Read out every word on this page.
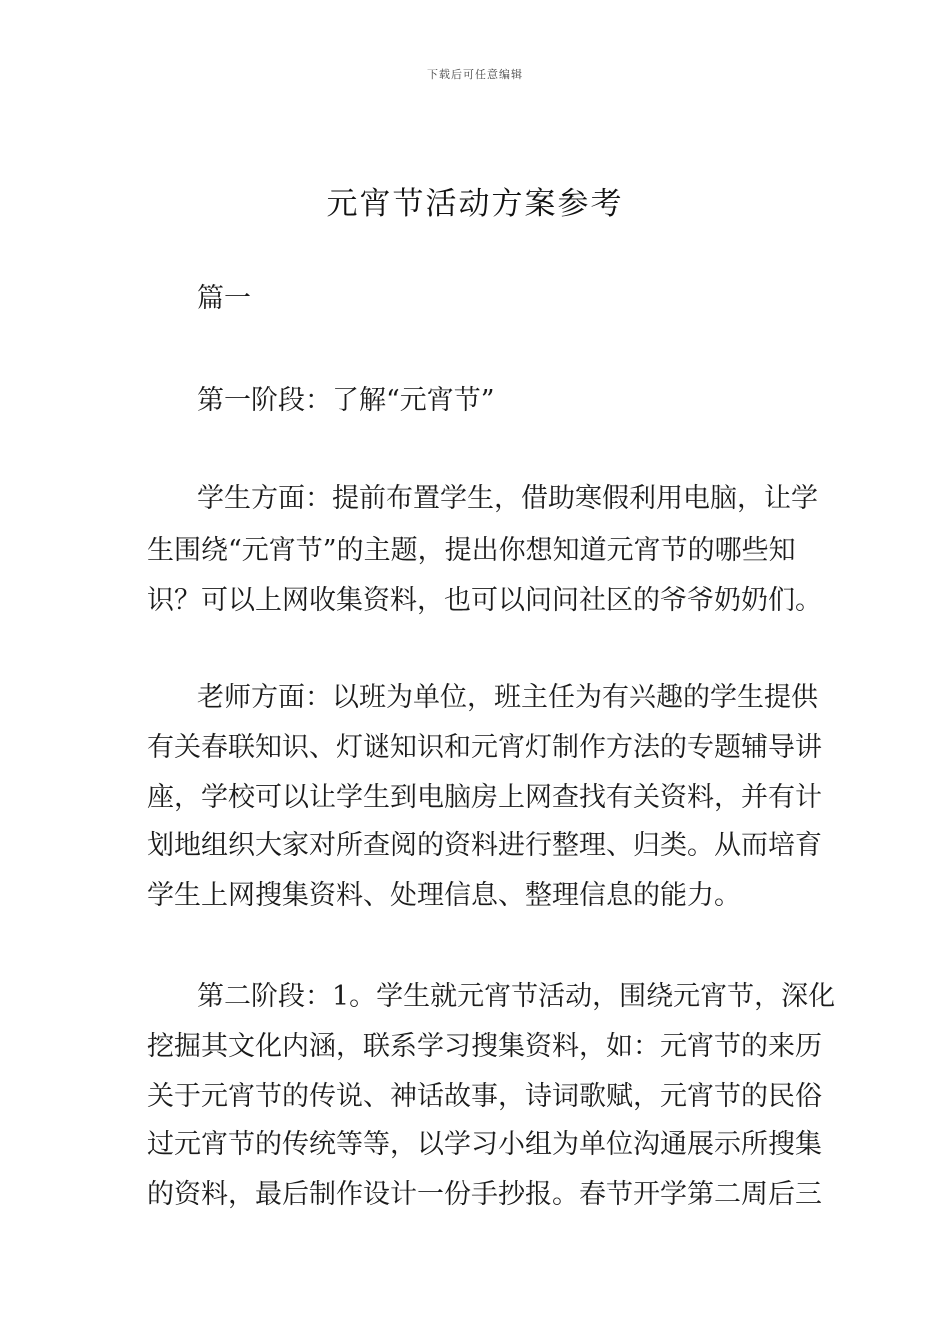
下载后可任意编辑
元宵节活动方案参考
篇一
第一阶段：了解“元宵节”
学生方面：提前布置学生，借助寒假利用电脑，让学
生围绕“元宵节”的主题，提出你想知道元宵节的哪些知
识？可以上网收集资料，也可以问问社区的爷爷奶奶们。
老师方面：以班为单位，班主任为有兴趣的学生提供
有关春联知识、灯谜知识和元宵灯制作方法的专题辅导讲
座，学校可以让学生到电脑房上网查找有关资料，并有计
划地组织大家对所查阅的资料进行整理、归类。从而培育
学生上网搜集资料、处理信息、整理信息的能力。
第二阶段：1。学生就元宵节活动，围绕元宵节，深化
挖掘其文化内涵，联系学习搜集资料，如：元宵节的来历
关于元宵节的传说、神话故事，诗词歌赋，元宵节的民俗
过元宵节的传统等等，以学习小组为单位沟通展示所搜集
的资料，最后制作设计一份手抄报。春节开学第二周后三
